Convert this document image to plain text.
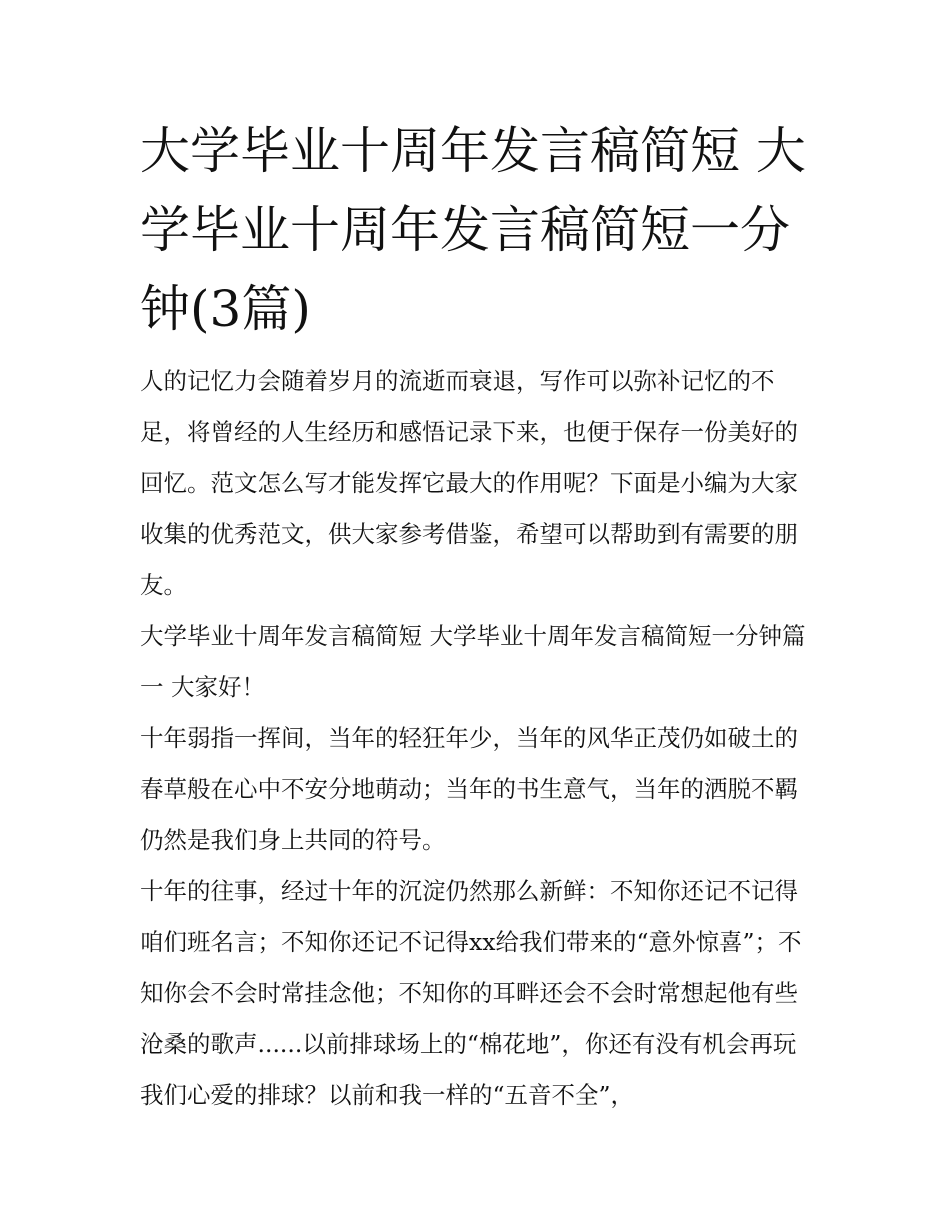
大学毕业十周年发言稿简短 大学毕业十周年发言稿简短一分钟(3篇)

人的记忆力会随着岁月的流逝而衰退，写作可以弥补记忆的不足，将曾经的人生经历和感悟记录下来，也便于保存一份美好的回忆。范文怎么写才能发挥它最大的作用呢？下面是小编为大家收集的优秀范文，供大家参考借鉴，希望可以帮助到有需要的朋友。

大学毕业十周年发言稿简短 大学毕业十周年发言稿简短一分钟篇一 大家好！

十年弱指一挥间，当年的轻狂年少，当年的风华正茂仍如破土的春草般在心中不安分地萌动；当年的书生意气，当年的洒脱不羁仍然是我们身上共同的符号。

十年的往事，经过十年的沉淀仍然那么新鲜：不知你还记不记得咱们班名言；不知你还记不记得xx给我们带来的“意外惊喜”；不知你会不会时常挂念他；不知你的耳畔还会不会时常想起他有些沧桑的歌声......以前排球场上的“棉花地”，你还有没有机会再玩我们心爱的排球？以前和我一样的“五音不全”，
